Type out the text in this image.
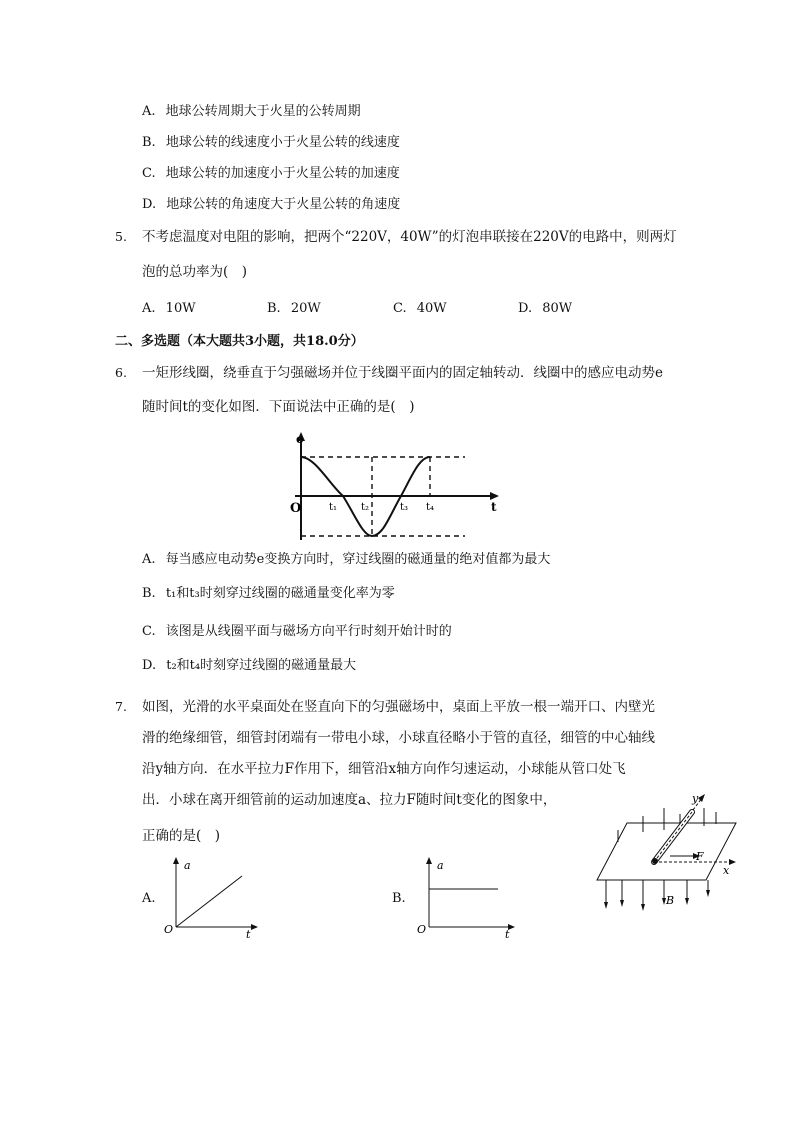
A. 地球公转周期大于火星的公转周期
B. 地球公转的线速度小于火星公转的线速度
C. 地球公转的加速度小于火星公转的加速度
D. 地球公转的角速度大于火星公转的角速度
5. 不考虑温度对电阻的影响，把两个“220V，40W”的灯泡串联接在220V的电路中，则两灯
泡的总功率为(　)
A. 10W	B. 20W	C. 40W	D. 80W
二、多选题（本大题共3小题，共18.0分）
6. 一矩形线圈，绕垂直于匀强磁场并位于线圈平面内的固定轴转动．线圈中的感应电动势e
随时间t的变化如图．下面说法中正确的是(　)
e
O	t₁ t₂	t₃ t₄	t
A. 每当感应电动势e变换方向时，穿过线圈的磁通量的绝对值都为最大
B. t₁和t₃时刻穿过线圈的磁通量变化率为零
C. 该图是从线圈平面与磁场方向平行时刻开始计时的
D. t₂和t₄时刻穿过线圈的磁通量最大
7. 如图，光滑的水平桌面处在竖直向下的匀强磁场中，桌面上平放一根一端开口、内壁光
滑的绝缘细管，细管封闭端有一带电小球，小球直径略小于管的直径，细管的中心轴线
沿y轴方向．在水平拉力F作用下，细管沿x轴方向作匀速运动，小球能从管口处飞
出．小球在离开细管前的运动加速度a、拉力F随时间t变化的图象中，
正确的是(　)
A.
a
O	t
B.
a
O	t
y
x
F
B
